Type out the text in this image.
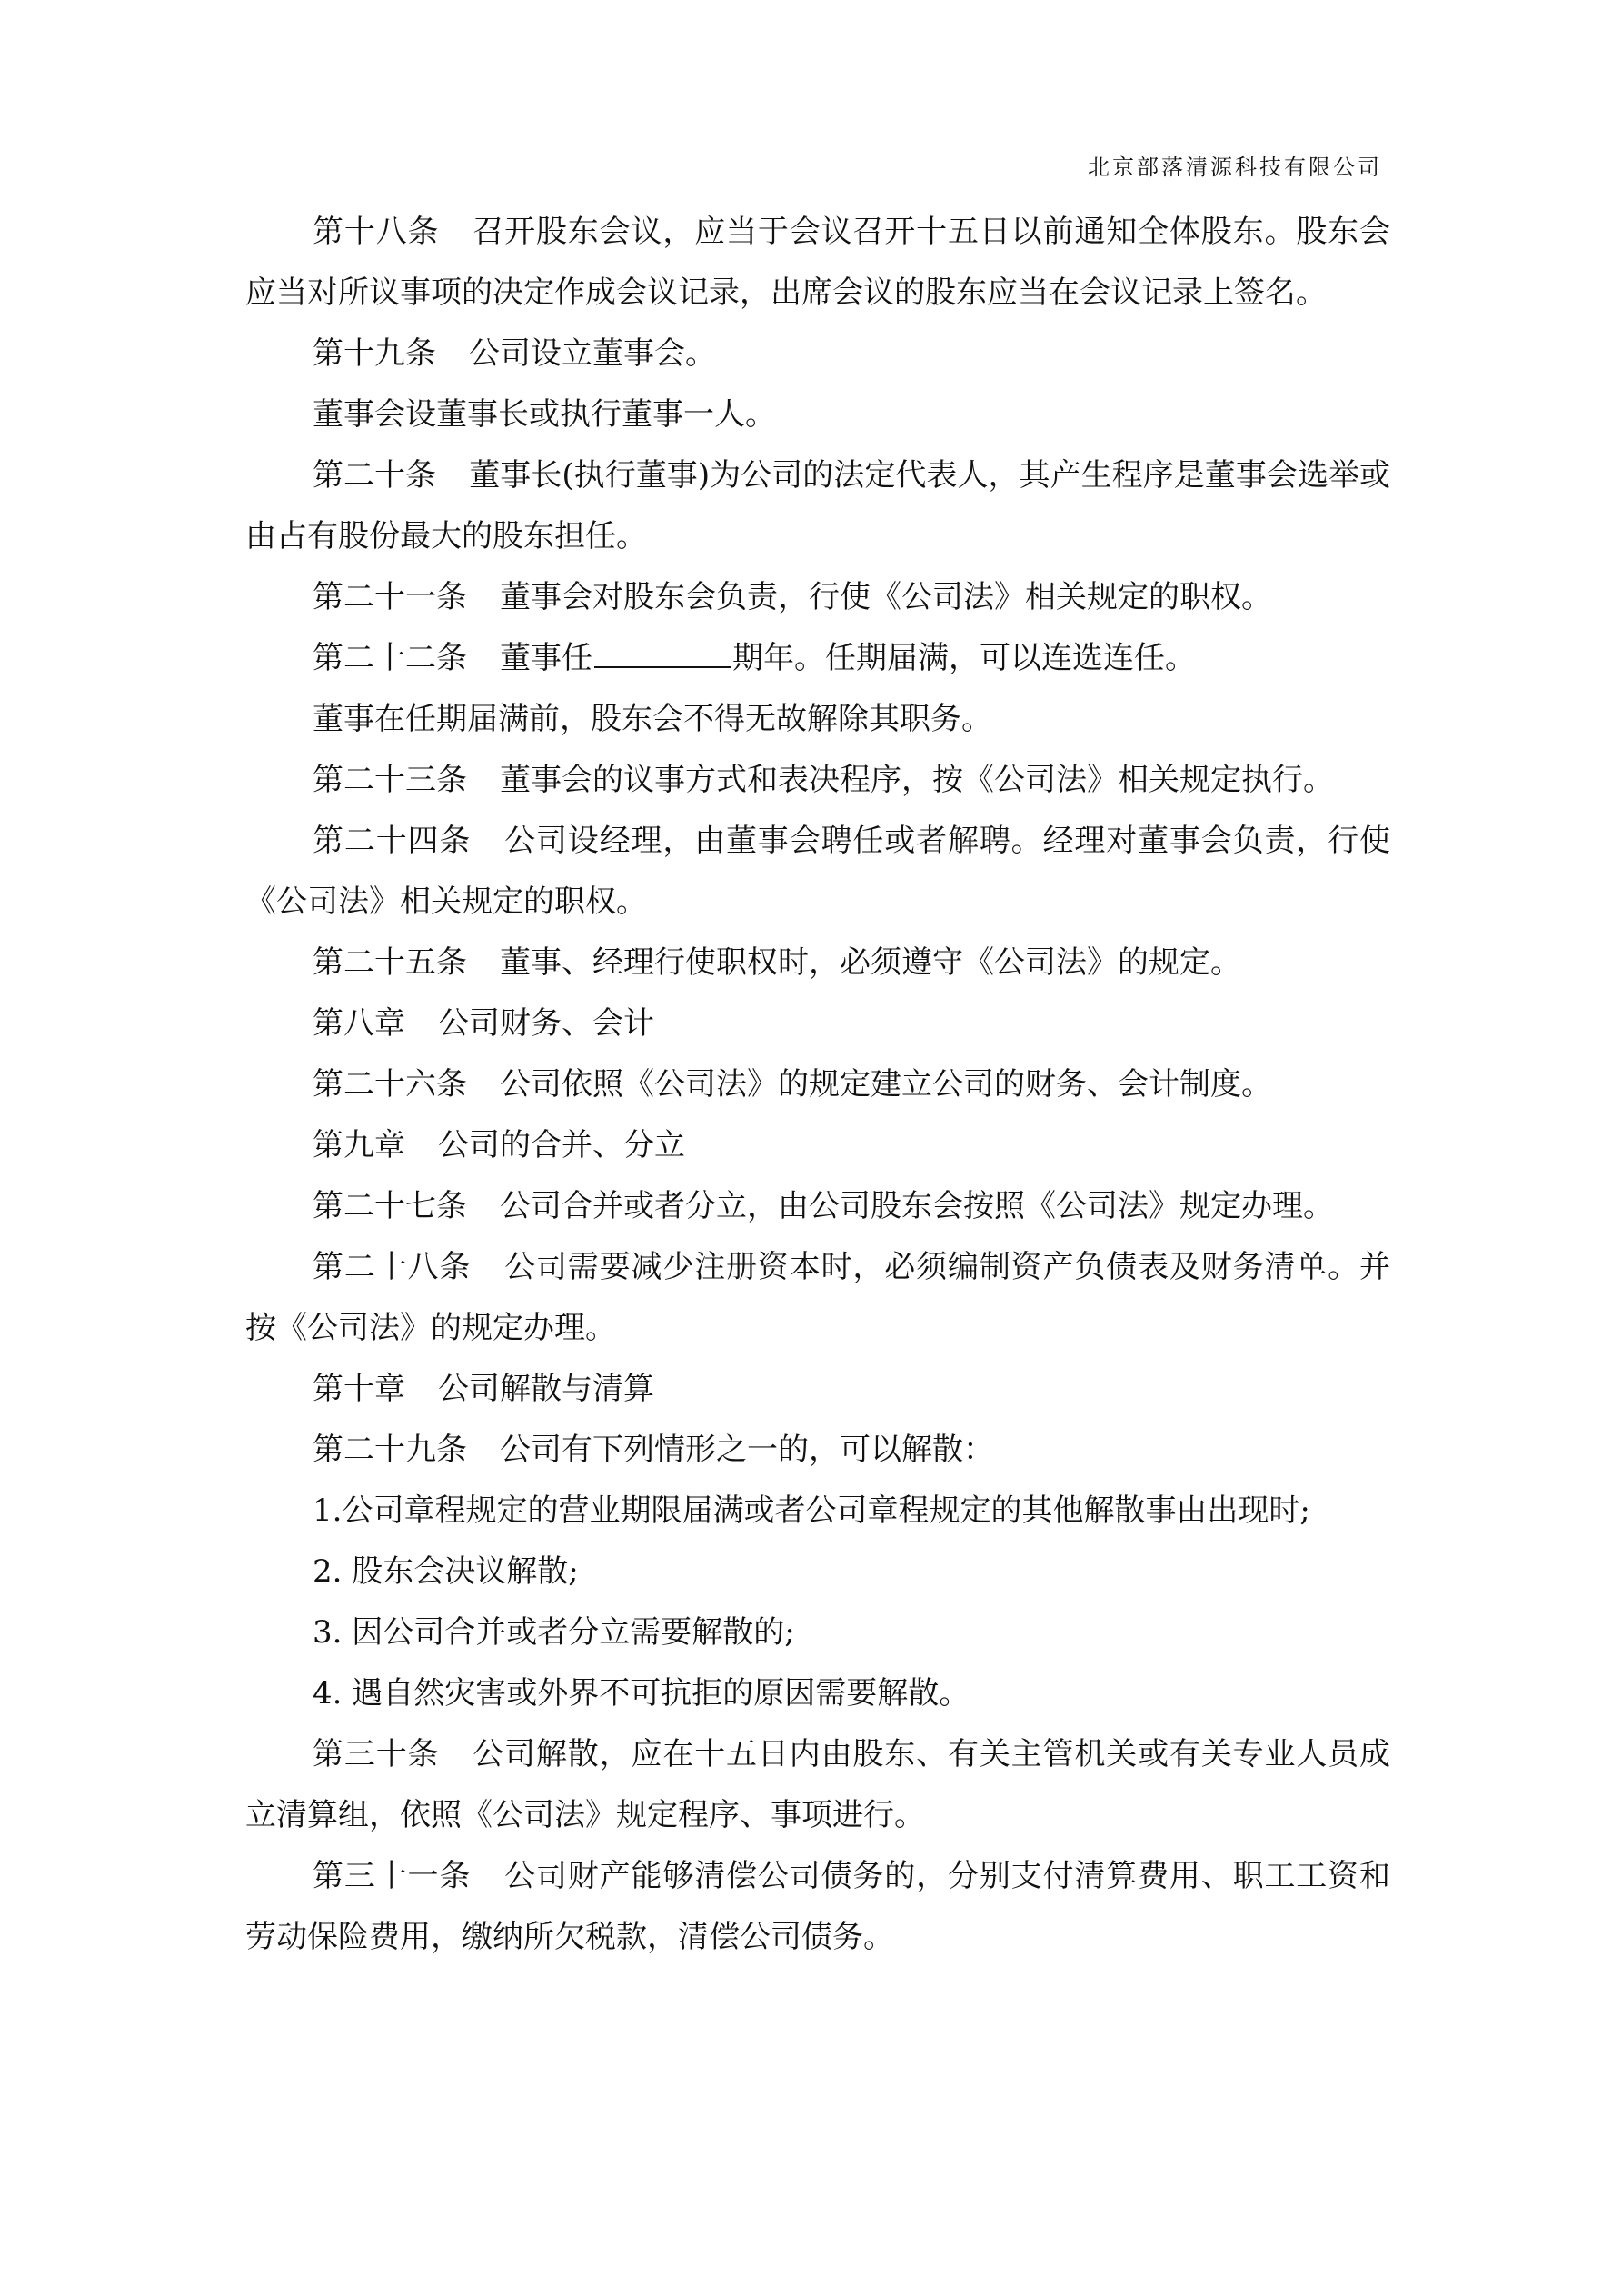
北京部落清源科技有限公司

第十八条 召开股东会议，应当于会议召开十五日以前通知全体股东。股东会应当对所议事项的决定作成会议记录，出席会议的股东应当在会议记录上签名。

第十九条 公司设立董事会。

董事会设董事长或执行董事一人。

第二十条 董事长(执行董事)为公司的法定代表人，其产生程序是董事会选举或由占有股份最大的股东担任。

第二十一条 董事会对股东会负责，行使《公司法》相关规定的职权。

第二十二条 董事任	期年。任期届满，可以连选连任。

董事在任期届满前，股东会不得无故解除其职务。

第二十三条 董事会的议事方式和表决程序，按《公司法》相关规定执行。

第二十四条 公司设经理，由董事会聘任或者解聘。经理对董事会负责，行使《公司法》相关规定的职权。

第二十五条 董事、经理行使职权时，必须遵守《公司法》的规定。

第八章 公司财务、会计

第二十六条 公司依照《公司法》的规定建立公司的财务、会计制度。

第九章 公司的合并、分立

第二十七条 公司合并或者分立，由公司股东会按照《公司法》规定办理。

第二十八条 公司需要减少注册资本时，必须编制资产负债表及财务清单。并按《公司法》的规定办理。

第十章 公司解散与清算

第二十九条 公司有下列情形之一的，可以解散：

1.公司章程规定的营业期限届满或者公司章程规定的其他解散事由出现时;

2. 股东会决议解散;

3. 因公司合并或者分立需要解散的;

4. 遇自然灾害或外界不可抗拒的原因需要解散。

第三十条 公司解散，应在十五日内由股东、有关主管机关或有关专业人员成立清算组，依照《公司法》规定程序、事项进行。

第三十一条 公司财产能够清偿公司债务的，分别支付清算费用、职工工资和劳动保险费用，缴纳所欠税款，清偿公司债务。
